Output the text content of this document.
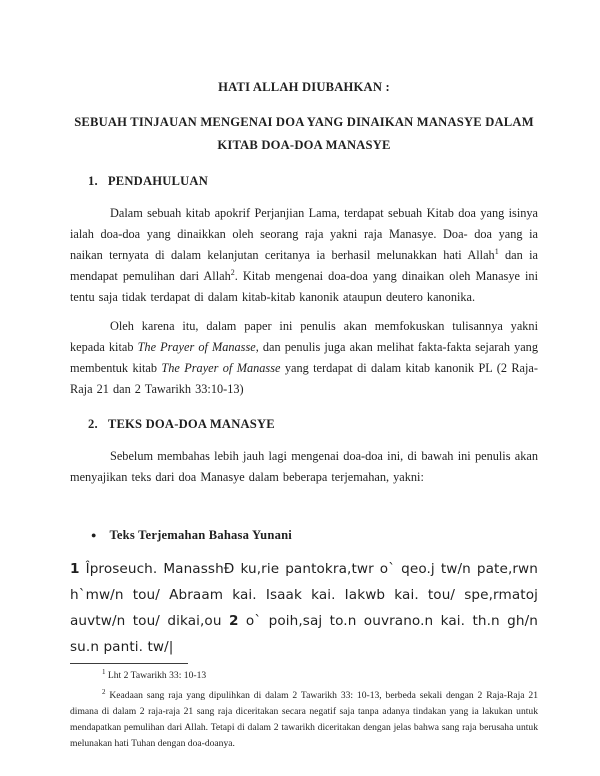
HATI ALLAH DIUBAHKAN :
SEBUAH TINJAUAN MENGENAI DOA YANG DINAIKAN MANASYE DALAM
KITAB DOA-DOA MANASYE
1. PENDAHULUAN

Dalam sebuah kitab apokrif Perjanjian Lama, terdapat sebuah Kitab doa yang isinya ialah doa-doa yang dinaikkan oleh seorang raja yakni raja Manasye. Doa- doa yang ia naikan ternyata di dalam kelanjutan ceritanya ia berhasil melunakkan hati Allah$^1$ dan ia mendapat pemulihan dari Allah$^2$. Kitab mengenai doa-doa yang dinaikan oleh Manasye ini tentu saja tidak terdapat di dalam kitab-kitab kanonik ataupun deutero kanonika.

Oleh karena itu, dalam paper ini penulis akan memfokuskan tulisannya yakni kepada kitab The Prayer of Manasse, dan penulis juga akan melihat fakta-fakta sejarah yang membentuk kitab The Prayer of Manasse yang terdapat di dalam kitab kanonik PL (2 Raja-Raja 21 dan 2 Tawarikh 33:10-13)

2. TEKS DOA-DOA MANASYE

Sebelum membahas lebih jauh lagi mengenai doa-doa ini, di bawah ini penulis akan menyajikan teks dari doa Manasye dalam beberapa terjemahan, yakni:

● Teks Terjemahan Bahasa Yunani

1 Îproseuch. ManasshÐ ku,rie pantokra,twr o` qeo.j tw/n pate,rwn h`mw/n tou/ Abraam kai. Isaak kai. Iakwb kai. tou/ spe,rmatoj auvtw/n tou/ dikai,ou 2 o` poih,saj to.n ouvrano.n kai. th.n gh/n su.n panti. tw/|

$^1$ Lht 2 Tawarikh 33: 10-13
$^2$ Keadaan sang raja yang dipulihkan di dalam 2 Tawarikh 33: 10-13, berbeda sekali dengan 2 Raja-Raja 21 dimana di dalam 2 raja-raja 21 sang raja diceritakan secara negatif saja tanpa adanya tindakan yang ia lakukan untuk mendapatkan pemulihan dari Allah. Tetapi di dalam 2 tawarikh diceritakan dengan jelas bahwa sang raja berusaha untuk melunakan hati Tuhan dengan doa-doanya.
